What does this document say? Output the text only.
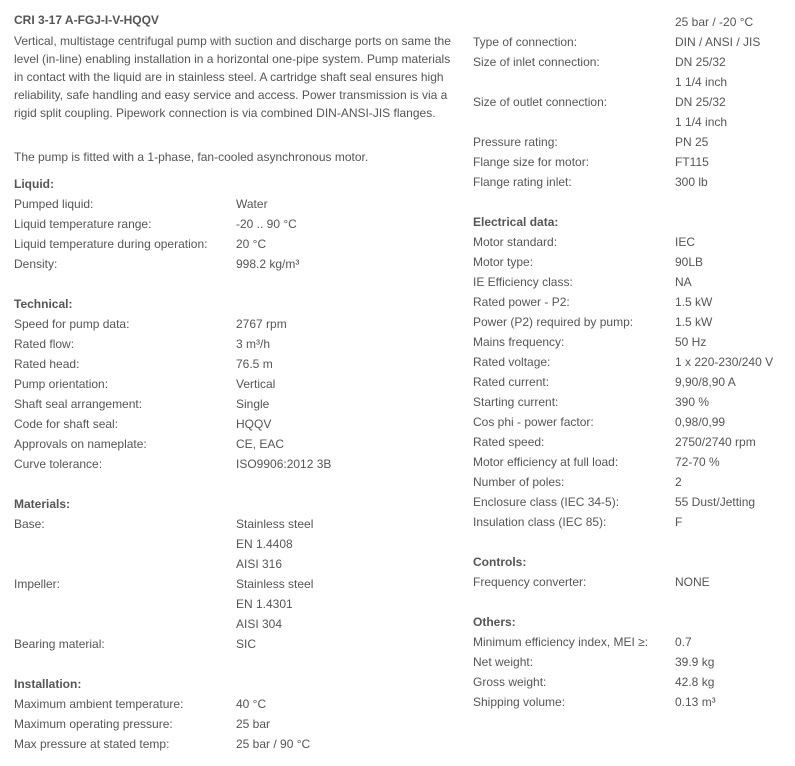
CRI 3-17 A-FGJ-I-V-HQQV

Vertical, multistage centrifugal pump with suction and discharge ports on same the level (in-line) enabling installation in a horizontal one-pipe system. Pump materials in contact with the liquid are in stainless steel. A cartridge shaft seal ensures high reliability, safe handling and easy service and access. Power transmission is via a rigid split coupling. Pipework connection is via combined DIN-ANSI-JIS flanges.

The pump is fitted with a 1-phase, fan-cooled asynchronous motor.

Liquid:
Pumped liquid:	Water
Liquid temperature range:	-20 .. 90 °C
Liquid temperature during operation: 20 °C
Density:	998.2 kg/m³
Technical:
Speed for pump data:	2767 rpm
Rated flow:	3 m³/h
Rated head:	76.5 m
Pump orientation:	Vertical
Shaft seal arrangement:	Single
Code for shaft seal:	HQQV
Approvals on nameplate:	CE, EAC
Curve tolerance:	ISO9906:2012 3B
Materials:
Base:	Stainless steel
EN 1.4408
AISI 316
Impeller:	Stainless steel
EN 1.4301
AISI 304
Bearing material:	SIC
Installation:
Maximum ambient temperature:	40 °C
Maximum operating pressure:	25 bar
Max pressure at stated temp:	25 bar / 90 °C
25 bar / -20 °C
Type of connection:	DIN / ANSI / JIS
Size of inlet connection:	DN 25/32
1 1/4 inch
Size of outlet connection:	DN 25/32
1 1/4 inch
Pressure rating:	PN 25
Flange size for motor:	FT115
Flange rating inlet:	300 lb
Electrical data:
Motor standard:	IEC
Motor type:	90LB
IE Efficiency class:	NA
Rated power - P2:	1.5 kW
Power (P2) required by pump:	1.5 kW
Mains frequency:	50 Hz
Rated voltage:	1 x 220-230/240 V
Rated current:	9,90/8,90 A
Starting current:	390 %
Cos phi - power factor:	0,98/0,99
Rated speed:	2750/2740 rpm
Motor efficiency at full load:	72-70 %
Number of poles:	2
Enclosure class (IEC 34-5):	55 Dust/Jetting
Insulation class (IEC 85):	F
Controls:
Frequency converter:	NONE
Others:
Minimum efficiency index, MEI ≥: 0.7
Net weight:	39.9 kg
Gross weight:	42.8 kg
Shipping volume:	0.13 m³
